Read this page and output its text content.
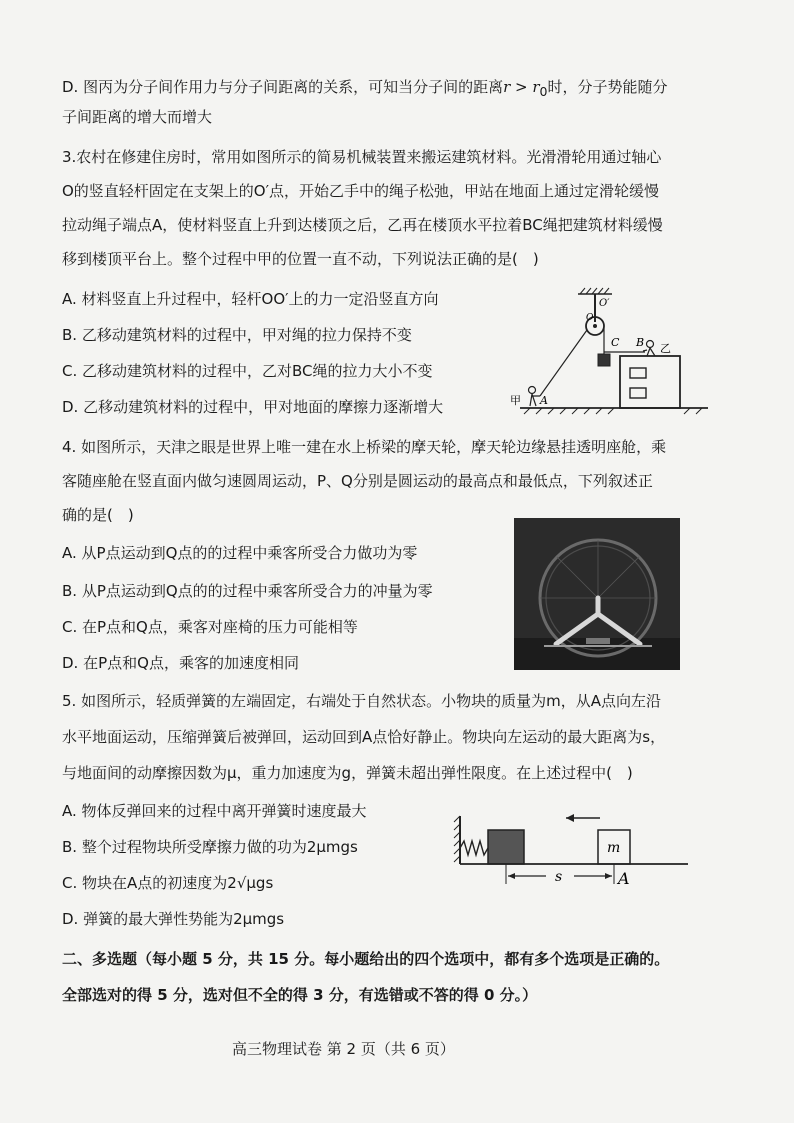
D. 图丙为分子间作用力与分子间距离的关系，可知当分子间的距离$r > r_0$时，分子势能随分
子间距离的增大而增大
3.农村在修建住房时，常用如图所示的简易机械装置来搬运建筑材料。光滑滑轮用通过轴心
O的竖直轻杆固定在支架上的O′点，开始乙手中的绳子松弛，甲站在地面上通过定滑轮缓慢
拉动绳子端点A，使材料竖直上升到达楼顶之后，乙再在楼顶水平拉着BC绳把建筑材料缓慢
移到楼顶平台上。整个过程中甲的位置一直不动，下列说法正确的是(　)
A. 材料竖直上升过程中，轻杆OO′上的力一定沿竖直方向
B. 乙移动建筑材料的过程中，甲对绳的拉力保持不变
C. 乙移动建筑材料的过程中，乙对BC绳的拉力大小不变
D. 乙移动建筑材料的过程中，甲对地面的摩擦力逐渐增大
O′
O
C B 乙
甲 A
4. 如图所示，天津之眼是世界上唯一建在水上桥梁的摩天轮，摩天轮边缘悬挂透明座舱，乘
客随座舱在竖直面内做匀速圆周运动，P、Q分别是圆运动的最高点和最低点，下列叙述正
确的是(　)
A. 从P点运动到Q点的的过程中乘客所受合力做功为零
B. 从P点运动到Q点的的过程中乘客所受合力的冲量为零
C. 在P点和Q点，乘客对座椅的压力可能相等
D. 在P点和Q点，乘客的加速度相同
5. 如图所示，轻质弹簧的左端固定，右端处于自然状态。小物块的质量为m，从A点向左沿
水平地面运动，压缩弹簧后被弹回，运动回到A点恰好静止。物块向左运动的最大距离为s，
与地面间的动摩擦因数为μ，重力加速度为g，弹簧未超出弹性限度。在上述过程中(　)
A. 物体反弹回来的过程中离开弹簧时速度最大
B. 整个过程物块所受摩擦力做的功为2μmgs
C. 物块在A点的初速度为2√μgs
D. 弹簧的最大弹性势能为2μmgs
m
s	A
二、多选题（每小题 5 分，共 15 分。每小题给出的四个选项中，都有多个选项是正确的。
全部选对的得 5 分，选对但不全的得 3 分，有选错或不答的得 0 分。）
高三物理试卷 第 2 页（共 6 页）
